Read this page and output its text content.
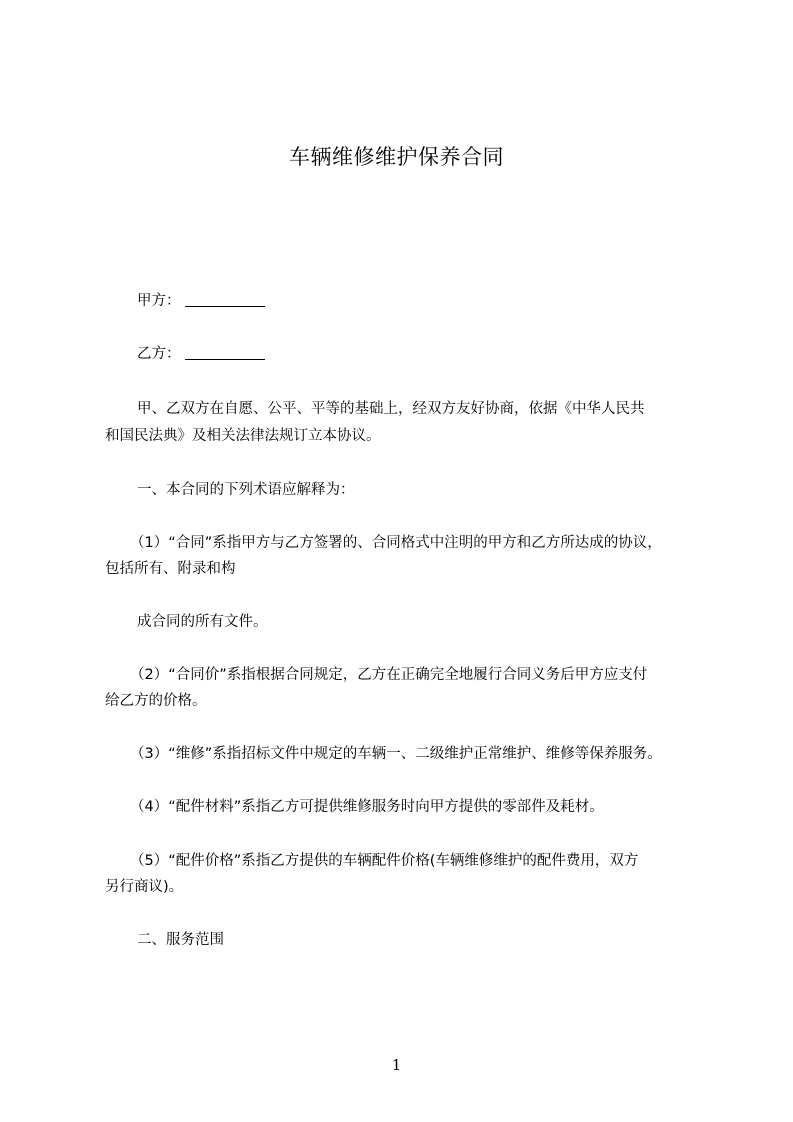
车辆维修维护保养合同
甲方：
乙方：
甲、乙双方在自愿、公平、平等的基础上，经双方友好协商，依据《中华人民共
和国民法典》及相关法律法规订立本协议。
一、本合同的下列术语应解释为：
（1）“合同”系指甲方与乙方签署的、合同格式中注明的甲方和乙方所达成的协议，
包括所有、附录和构
成合同的所有文件。
（2）“合同价”系指根据合同规定，乙方在正确完全地履行合同义务后甲方应支付
给乙方的价格。
（3）“维修”系指招标文件中规定的车辆一、二级维护正常维护、维修等保养服务。
（4）“配件材料”系指乙方可提供维修服务时向甲方提供的零部件及耗材。
（5）“配件价格”系指乙方提供的车辆配件价格(车辆维修维护的配件费用，双方
另行商议)。
二、服务范围
1
